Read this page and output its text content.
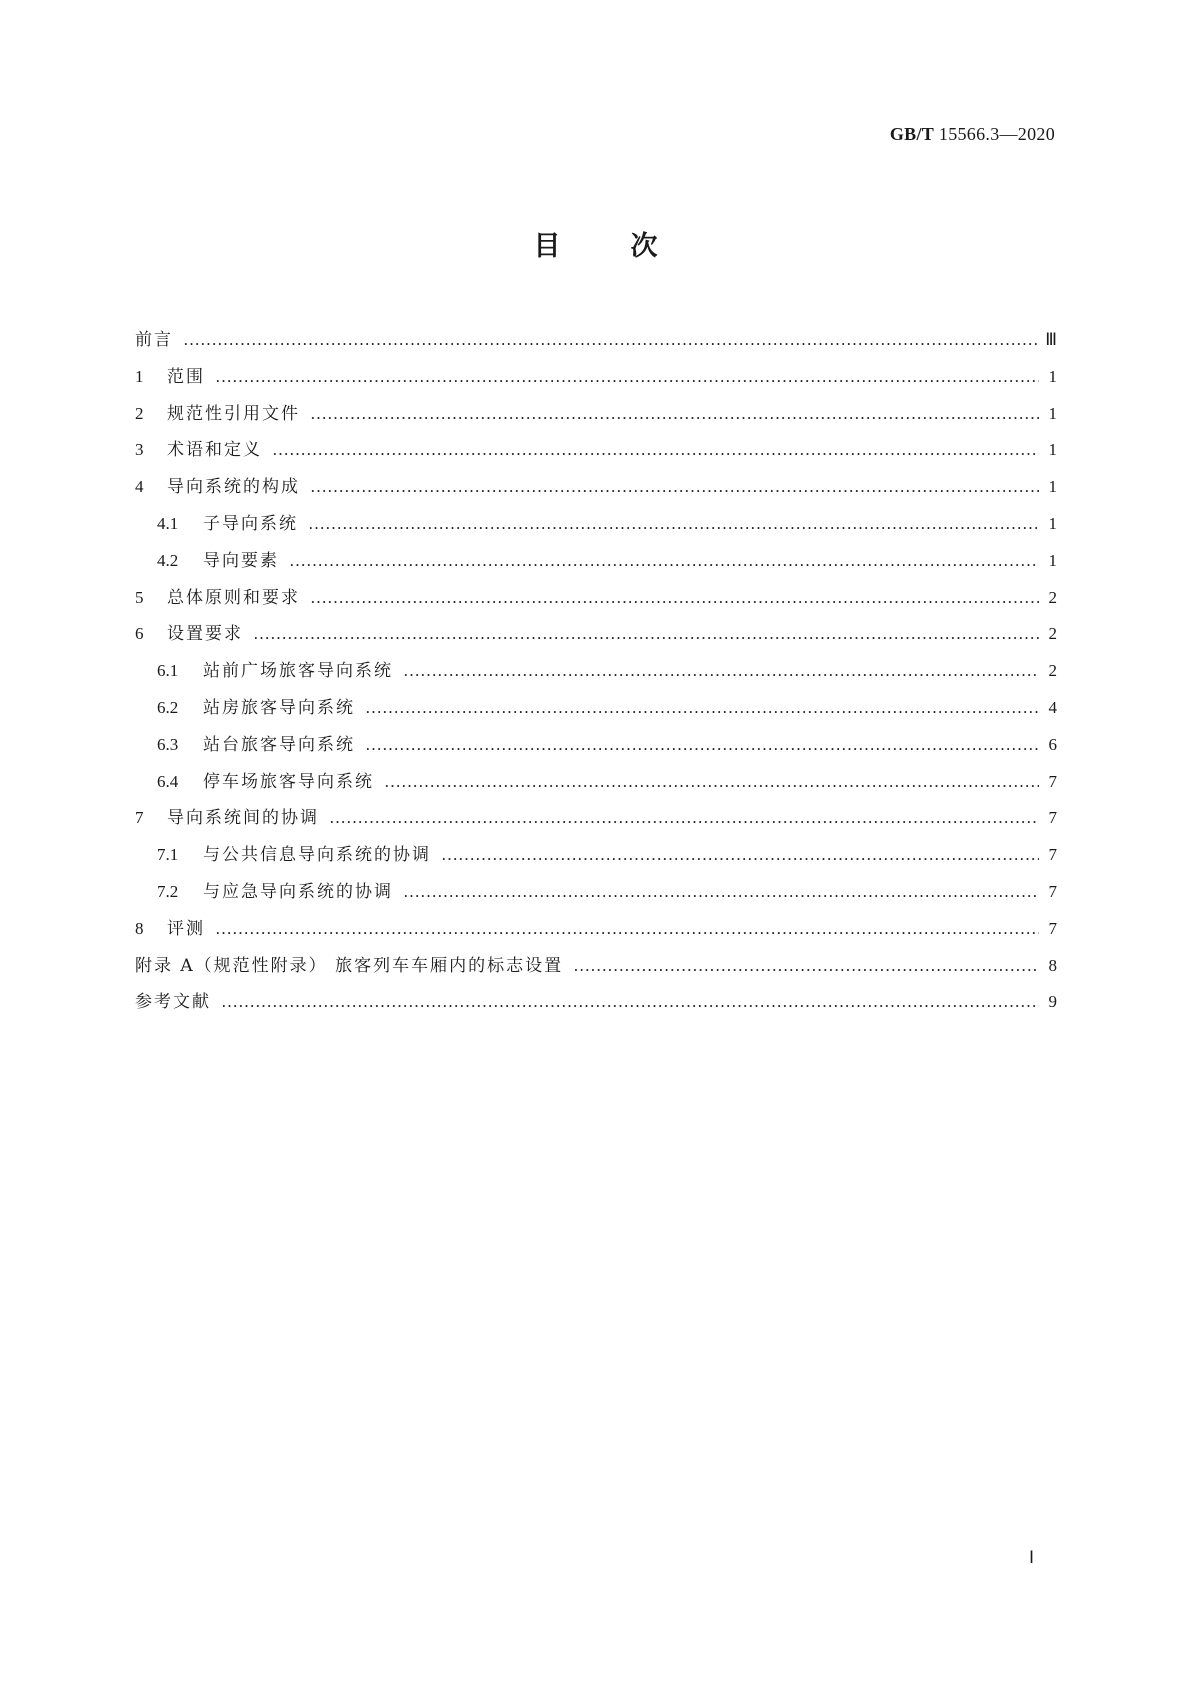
GB/T 15566.3—2020
目	次
前言 …………………………………………………………………………………………………………………………………………………………………………………………………………………………	Ⅲ
1	范围 …………………………………………………………………………………………………………………………………………………………………………………………………………………………	1
2	规范性引用文件 …………………………………………………………………………………………………………………………………………………………………………………………………………………………	1
3	术语和定义 …………………………………………………………………………………………………………………………………………………………………………………………………………………………	1
4	导向系统的构成 …………………………………………………………………………………………………………………………………………………………………………………………………………………………	1
4.1	子导向系统 …………………………………………………………………………………………………………………………………………………………………………………………………………………………	1
4.2	导向要素 …………………………………………………………………………………………………………………………………………………………………………………………………………………………	1
5	总体原则和要求 …………………………………………………………………………………………………………………………………………………………………………………………………………………………	2
6	设置要求 …………………………………………………………………………………………………………………………………………………………………………………………………………………………	2
6.1	站前广场旅客导向系统 …………………………………………………………………………………………………………………………………………………………………………………………………………………………	2
6.2	站房旅客导向系统 …………………………………………………………………………………………………………………………………………………………………………………………………………………………	4
6.3	站台旅客导向系统 …………………………………………………………………………………………………………………………………………………………………………………………………………………………	6
6.4	停车场旅客导向系统 …………………………………………………………………………………………………………………………………………………………………………………………………………………………	7
7	导向系统间的协调 …………………………………………………………………………………………………………………………………………………………………………………………………………………………	7
7.1	与公共信息导向系统的协调 …………………………………………………………………………………………………………………………………………………………………………………………………………………………	7
7.2	与应急导向系统的协调 …………………………………………………………………………………………………………………………………………………………………………………………………………………………	7
8	评测 …………………………………………………………………………………………………………………………………………………………………………………………………………………………	7
附录 A（规范性附录） 旅客列车车厢内的标志设置 …………………………………………………………………………………………………………………………………………………………………………………………………………………………	8
参考文献 …………………………………………………………………………………………………………………………………………………………………………………………………………………………	9
Ⅰ
